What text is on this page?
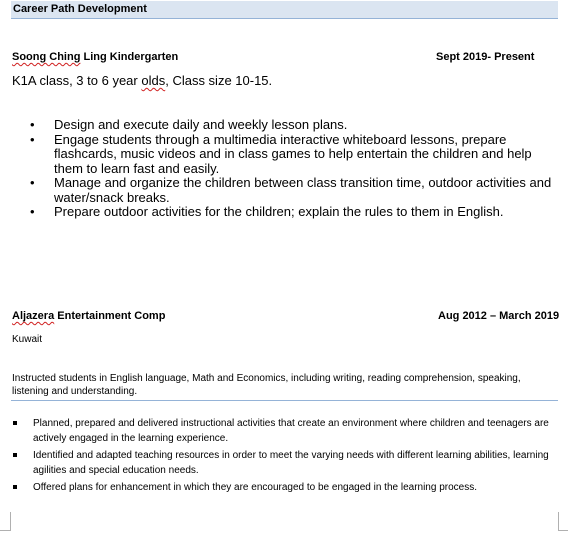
Career Path Development
Soong Ching Ling Kindergarten	Sept 2019- Present
K1A class, 3 to 6 year olds, Class size 10-15.
• Design and execute daily and weekly lesson plans.
• Engage students through a multimedia interactive whiteboard lessons, prepare flashcards, music videos and in class games to help entertain the children and help them to learn fast and easily.
• Manage and organize the children between class transition time, outdoor activities and water/snack breaks.
• Prepare outdoor activities for the children; explain the rules to them in English.
Aljazera Entertainment Comp	Aug 2012 – March 2019
Kuwait
Instructed students in English language, Math and Economics, including writing, reading comprehension, speaking, listening and understanding.
Planned, prepared and delivered instructional activities that create an environment where children and teenagers are actively engaged in the learning experience.
Identified and adapted teaching resources in order to meet the varying needs with different learning abilities, learning agilities and special education needs.
Offered plans for enhancement in which they are encouraged to be engaged in the learning process.
